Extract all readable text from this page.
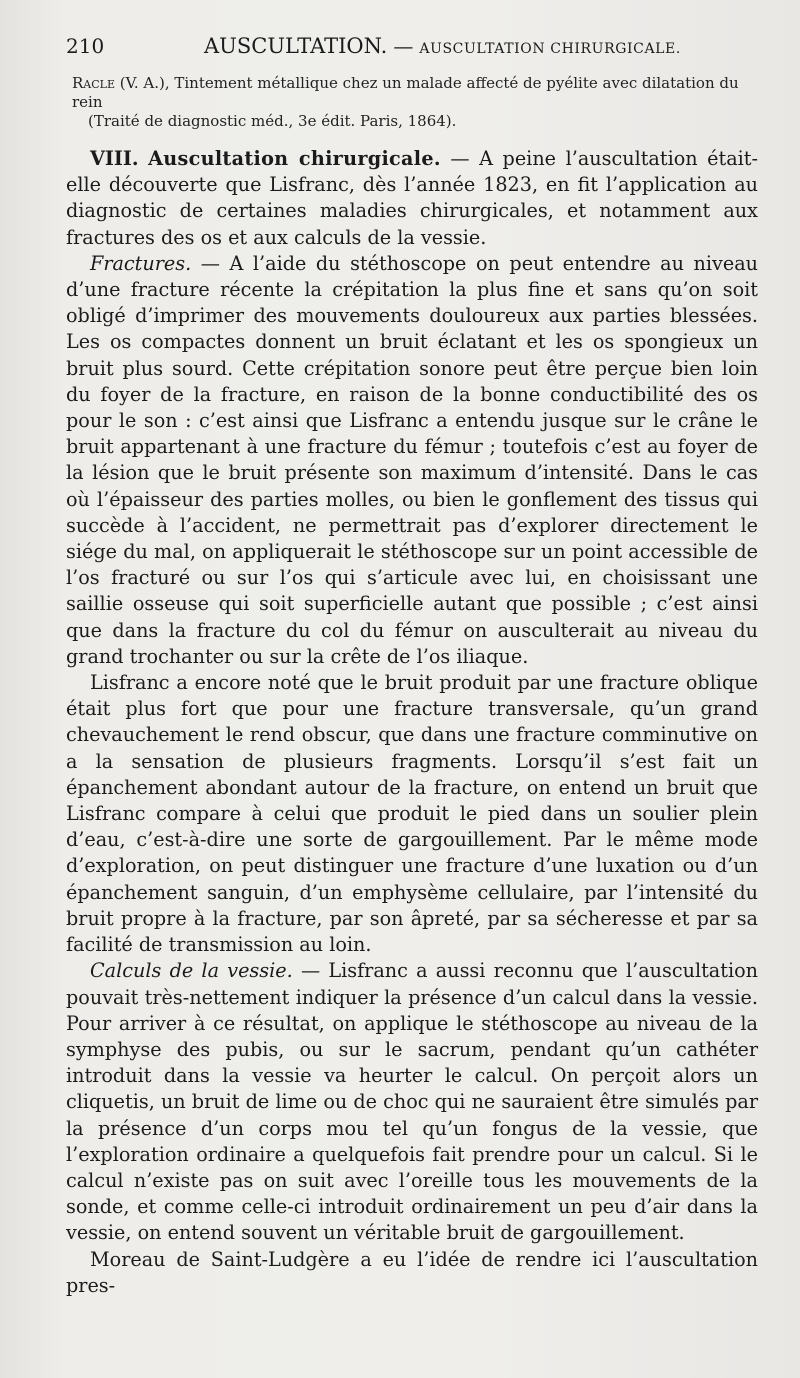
210	AUSCULTATION. — AUSCULTATION CHIRURGICALE.
Racle (V. A.), Tintement métallique chez un malade affecté de pyélite avec dilatation du rein
(Traité de diagnostic méd., 3e édit. Paris, 1864).

VIII. Auscultation chirurgicale. — A peine l’auscultation était-elle découverte que Lisfranc, dès l’année 1823, en fit l’application au diagnostic de certaines maladies chirurgicales, et notamment aux fractures des os et aux calculs de la vessie.

Fractures. — A l’aide du stéthoscope on peut entendre au niveau d’une fracture récente la crépitation la plus fine et sans qu’on soit obligé d’imprimer des mouvements douloureux aux parties blessées. Les os compactes donnent un bruit éclatant et les os spongieux un bruit plus sourd. Cette crépitation sonore peut être perçue bien loin du foyer de la fracture, en raison de la bonne conductibilité des os pour le son : c’est ainsi que Lisfranc a entendu jusque sur le crâne le bruit appartenant à une fracture du fémur ; toutefois c’est au foyer de la lésion que le bruit présente son maximum d’intensité. Dans le cas où l’épaisseur des parties molles, ou bien le gonflement des tissus qui succède à l’accident, ne permettrait pas d’explorer directement le siége du mal, on appliquerait le stéthoscope sur un point accessible de l’os fracturé ou sur l’os qui s’articule avec lui, en choisissant une saillie osseuse qui soit superficielle autant que possible ; c’est ainsi que dans la fracture du col du fémur on ausculterait au niveau du grand trochanter ou sur la crête de l’os iliaque.

Lisfranc a encore noté que le bruit produit par une fracture oblique était plus fort que pour une fracture transversale, qu’un grand chevauchement le rend obscur, que dans une fracture comminutive on a la sensation de plusieurs fragments. Lorsqu’il s’est fait un épanchement abondant autour de la fracture, on entend un bruit que Lisfranc compare à celui que produit le pied dans un soulier plein d’eau, c’est-à-dire une sorte de gargouillement. Par le même mode d’exploration, on peut distinguer une fracture d’une luxation ou d’un épanchement sanguin, d’un emphysème cellulaire, par l’intensité du bruit propre à la fracture, par son âpreté, par sa sécheresse et par sa facilité de transmission au loin.

Calculs de la vessie. — Lisfranc a aussi reconnu que l’auscultation pouvait très-nettement indiquer la présence d’un calcul dans la vessie. Pour arriver à ce résultat, on applique le stéthoscope au niveau de la symphyse des pubis, ou sur le sacrum, pendant qu’un cathéter introduit dans la vessie va heurter le calcul. On perçoit alors un cliquetis, un bruit de lime ou de choc qui ne sauraient être simulés par la présence d’un corps mou tel qu’un fongus de la vessie, que l’exploration ordinaire a quelquefois fait prendre pour un calcul. Si le calcul n’existe pas on suit avec l’oreille tous les mouvements de la sonde, et comme celle-ci introduit ordinairement un peu d’air dans la vessie, on entend souvent un véritable bruit de gargouillement.

Moreau de Saint-Ludgère a eu l’idée de rendre ici l’auscultation pres-
